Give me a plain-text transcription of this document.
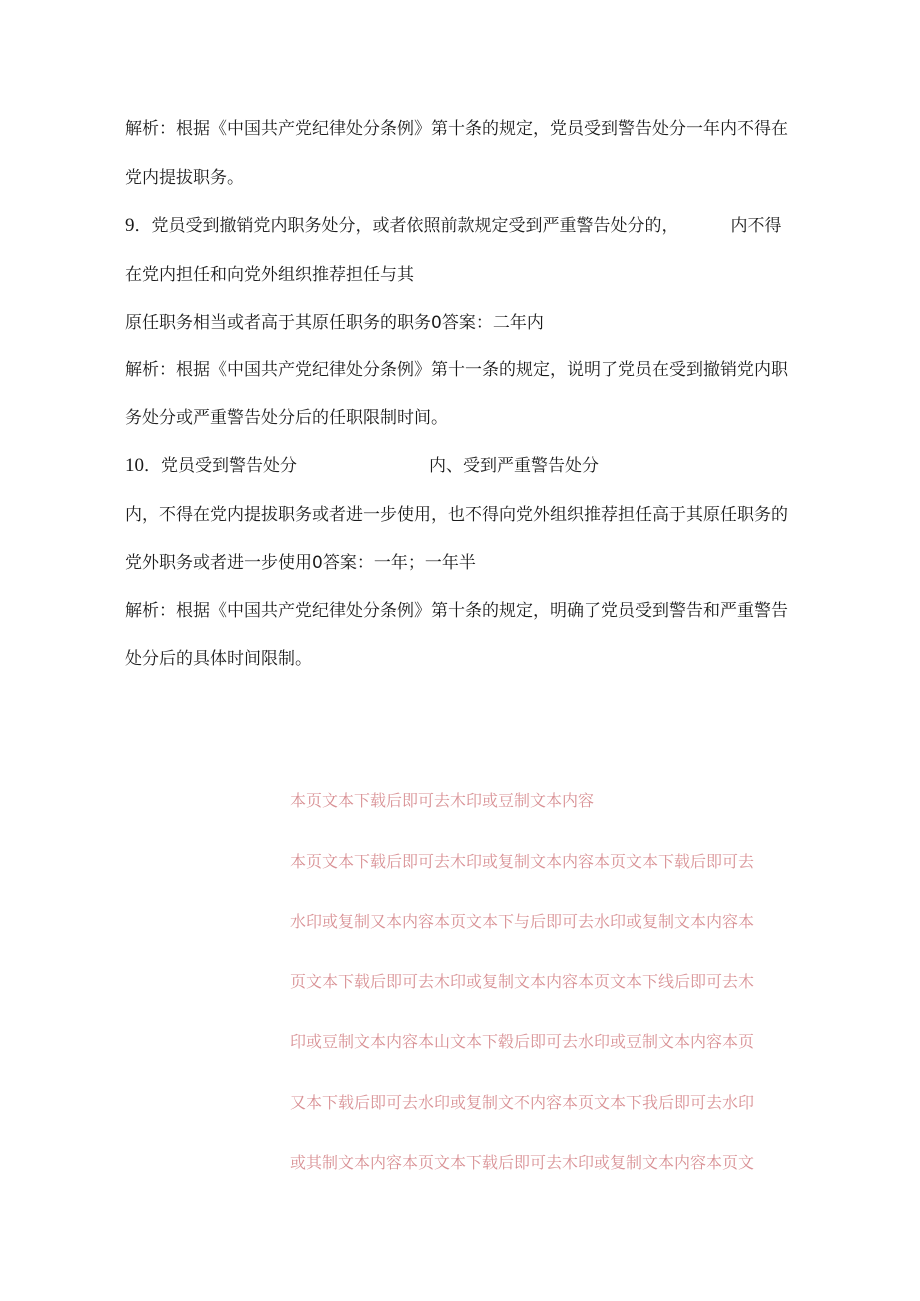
解析：根据《中国共产党纪律处分条例》第十条的规定，党员受到警告处分一年内不得在
党内提拔职务。
9．党员受到撤销党内职务处分，或者依照前款规定受到严重警告处分的，	内不得
在党内担任和向党外组织推荐担任与其
原任职务相当或者高于其原任职务的职务0答案：二年内
解析：根据《中国共产党纪律处分条例》第十一条的规定，说明了党员在受到撤销党内职
务处分或严重警告处分后的任职限制时间。
10．党员受到警告处分	内、受到严重警告处分
内，不得在党内提拔职务或者进一步使用，也不得向党外组织推荐担任高于其原任职务的
党外职务或者进一步使用0答案：一年；一年半
解析：根据《中国共产党纪律处分条例》第十条的规定，明确了党员受到警告和严重警告
处分后的具体时间限制。
本页文本下载后即可去木印或豆制文本内容
本页文本下载后即可去木印或复制文本内容本页文本下载后即可去
水印或复制又本内容本页文本下与后即可去水印或复制文本内容本
页文本下载后即可去木印或复制文本内容本页文本下线后即可去木
印或豆制文本内容本山文本下毂后即可去水印或豆制文本内容本页
又本下载后即可去水印或复制文不内容本页文本下我后即可去水印
或其制文本内容本页文本下载后即可去木印或复制文本内容本页文
